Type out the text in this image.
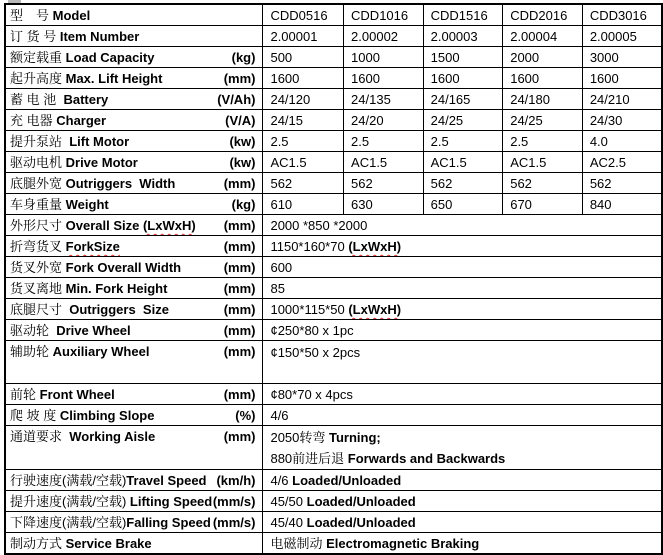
型　号 Model	CDD0516	CDD1016	CDD1516	CDD2016	CDD3016

订 货 号 Item Number	2.00001	2.00002	2.00003	2.00004	2.00005

额定载重 Load Capacity (kg)	500	1000	1500	2000	3000

起升高度 Max. Lift Height (mm)	1600	1600	1600	1600	1600

蓄 电 池  Battery (V/Ah)	24/120	24/135	24/165	24/180	24/210

充 电器 Charger (V/A)	24/15	24/20	24/25	24/25	24/30

提升泵站  Lift Motor (kw)	2.5	2.5	2.5	2.5	4.0

驱动电机 Drive Motor (kw)	AC1.5	AC1.5	AC1.5	AC1.5	AC2.5

底腿外宽 Outriggers  Width (mm)	562	562	562	562	562

车身重量 Weight (kg)	610	630	650	670	840

外形尺寸 Overall Size (LxWxH) (mm)	2000 *850 *2000				

折弯货叉 ForkSize (mm)	1150*160*70 (LxWxH)				

货叉外宽 Fork Overall Width (mm)	600				

货叉离地 Min. Fork Height (mm)	85				

底腿尺寸  Outriggers  Size (mm)	1000*115*50 (LxWxH)				

驱动轮  Drive Wheel (mm)	¢250*80 x 1pc				

辅助轮 Auxiliary Wheel (mm)	¢150*50 x 2pcs				

前轮 Front Wheel (mm)	¢80*70 x 4pcs				

爬 坡 度 Climbing Slope (%)	4/6				

通道要求  Working Aisle (mm)	2050转弯 Turning;
880前进后退 Forwards and Backwards				

行驶速度(满载/空载)Travel Speed (km/h)	4/6 Loaded/Unloaded				

提升速度(满载/空载) Lifting Speed (mm/s)	45/50 Loaded/Unloaded				

下降速度(满载/空载)Falling Speed (mm/s)	45/40 Loaded/Unloaded				

制动方式 Service Brake	电磁制动 Electromagnetic Braking				
